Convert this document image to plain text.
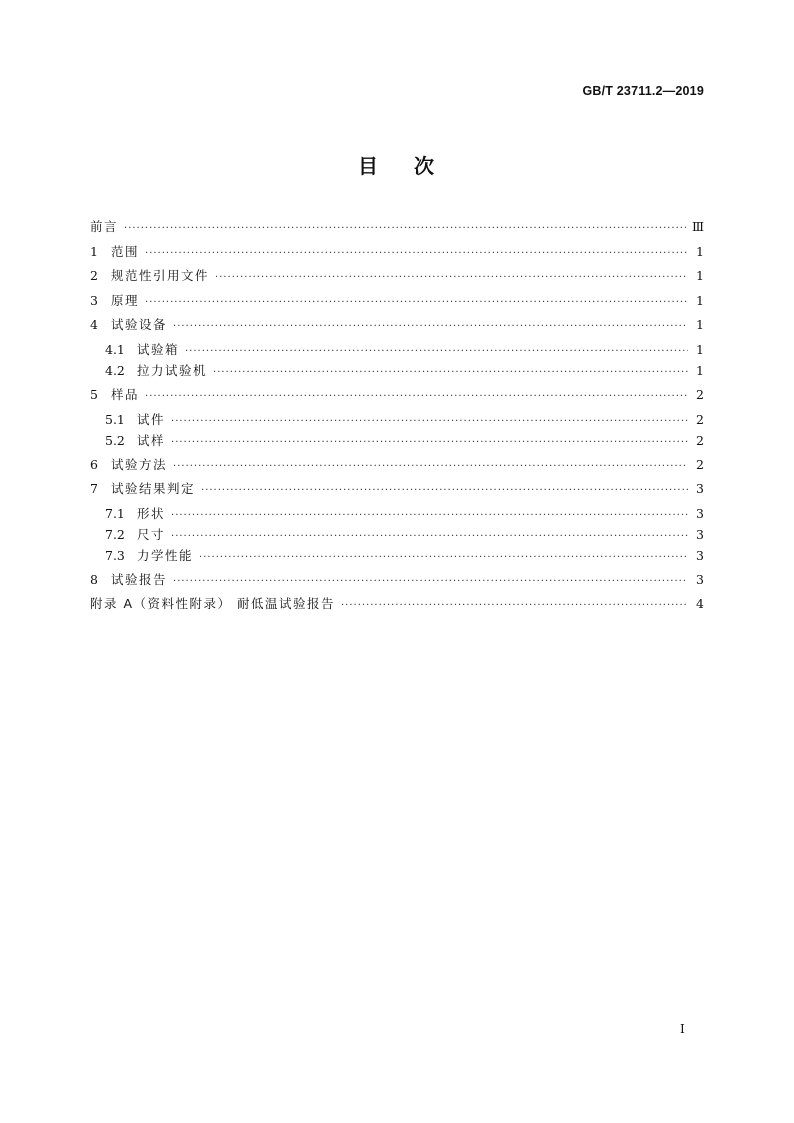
GB/T 23711.2—2019
目 次
前言 ·····	Ⅲ
1	范围 ·····	1
2	规范性引用文件 ·····	1
3	原理 ·····	1
4	试验设备 ·····	1
4.1 试验箱 ·····	1
4.2 拉力试验机 ·····	1
5	样品 ·····	2
5.1 试件 ·····	2
5.2 试样 ·····	2
6	试验方法 ·····	2
7	试验结果判定 ·····	3
7.1 形状 ·····	3
7.2 尺寸 ·····	3
7.3 力学性能 ·····	3
8	试验报告 ·····	3
附录 A（资料性附录） 耐低温试验报告 ·····	4
I
